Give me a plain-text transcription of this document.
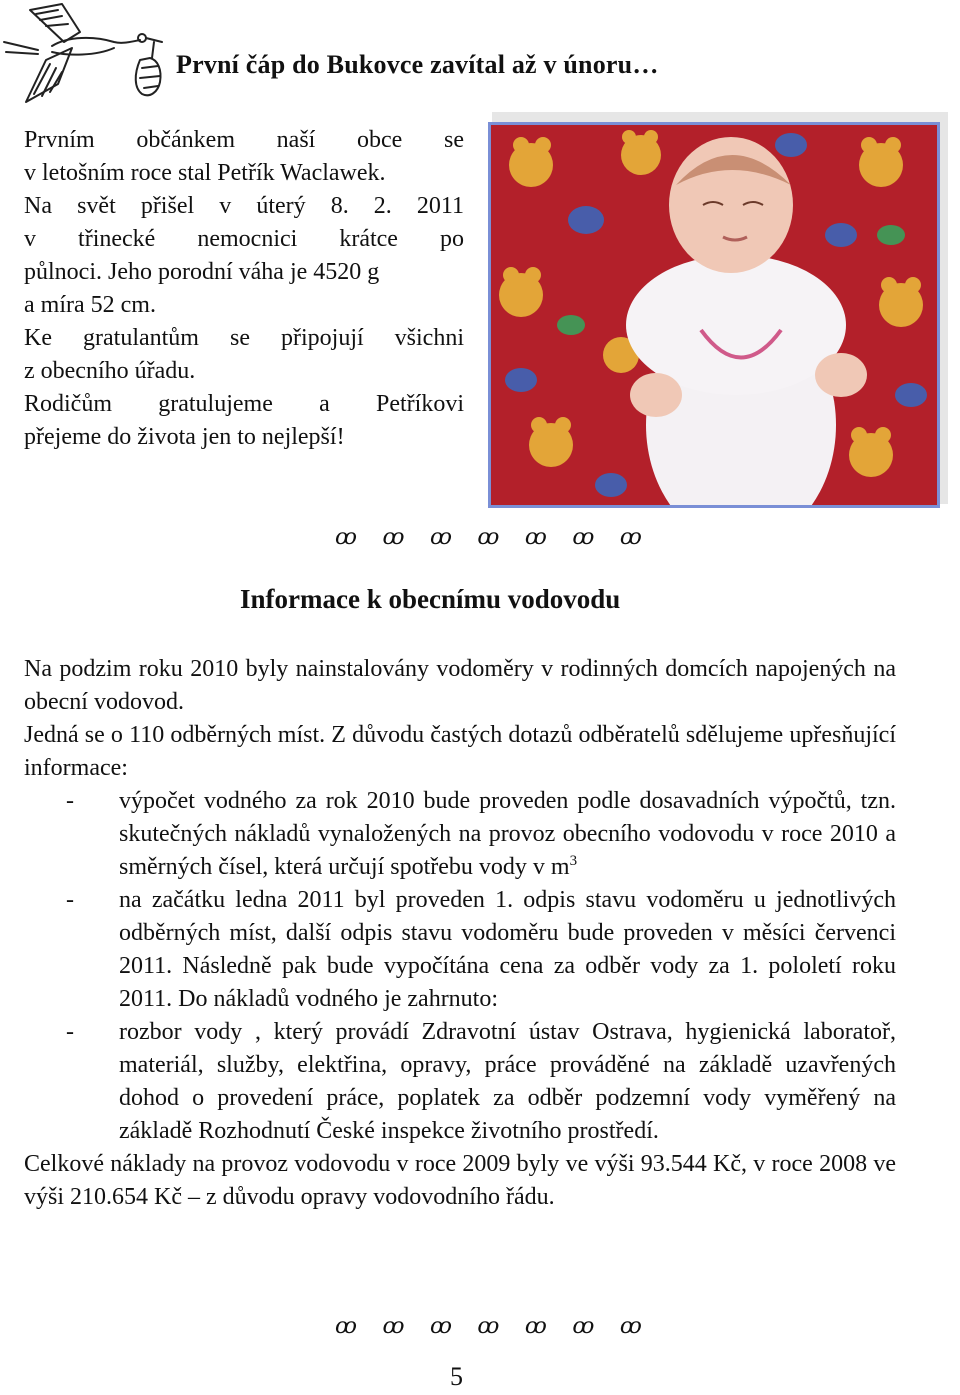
První čáp do Bukovce zavítal až v únoru…
Prvním občánkem naší obce se
v letošním roce stal Petřík Waclawek.
Na svět přišel v úterý 8. 2. 2011
v třinecké nemocnici krátce po
půlnoci. Jeho porodní váha je 4520 g
a míra 52 cm.
Ke gratulantům se připojují všichni
z obecního úřadu.
Rodičům gratulujeme a Petříkovi
přejeme do života jen to nejlepší!
ꝏ ꝏ ꝏ ꝏ ꝏ ꝏ ꝏ
Informace k obecnímu vodovodu
Na podzim roku 2010 byly nainstalovány vodoměry v rodinných domcích napojených na obecní vodovod.
Jedná se o 110 odběrných míst. Z důvodu častých dotazů odběratelů sdělujeme upřesňující informace:
- výpočet vodného za rok 2010 bude proveden podle dosavadních výpočtů, tzn. skutečných nákladů vynaložených na provoz obecního vodovodu v roce 2010 a směrných čísel, která určují spotřebu vody v $m^3$
- na začátku ledna 2011 byl proveden 1. odpis stavu vodoměru u jednotlivých odběrných míst, další odpis stavu vodoměru bude proveden v měsíci červenci 2011. Následně pak bude vypočítána cena za odběr vody za 1. pololetí roku 2011. Do nákladů vodného je zahrnuto:
- rozbor vody , který provádí Zdravotní ústav Ostrava, hygienická laboratoř, materiál, služby, elektřina, opravy, práce prováděné na základě uzavřených dohod o provedení práce, poplatek za odběr podzemní vody vyměřený na základě Rozhodnutí České inspekce životního prostředí.
Celkové náklady na provoz vodovodu v roce 2009 byly ve výši 93.544 Kč, v roce 2008 ve výši 210.654 Kč – z důvodu opravy vodovodního řádu.
ꝏ ꝏ ꝏ ꝏ ꝏ ꝏ ꝏ
5
